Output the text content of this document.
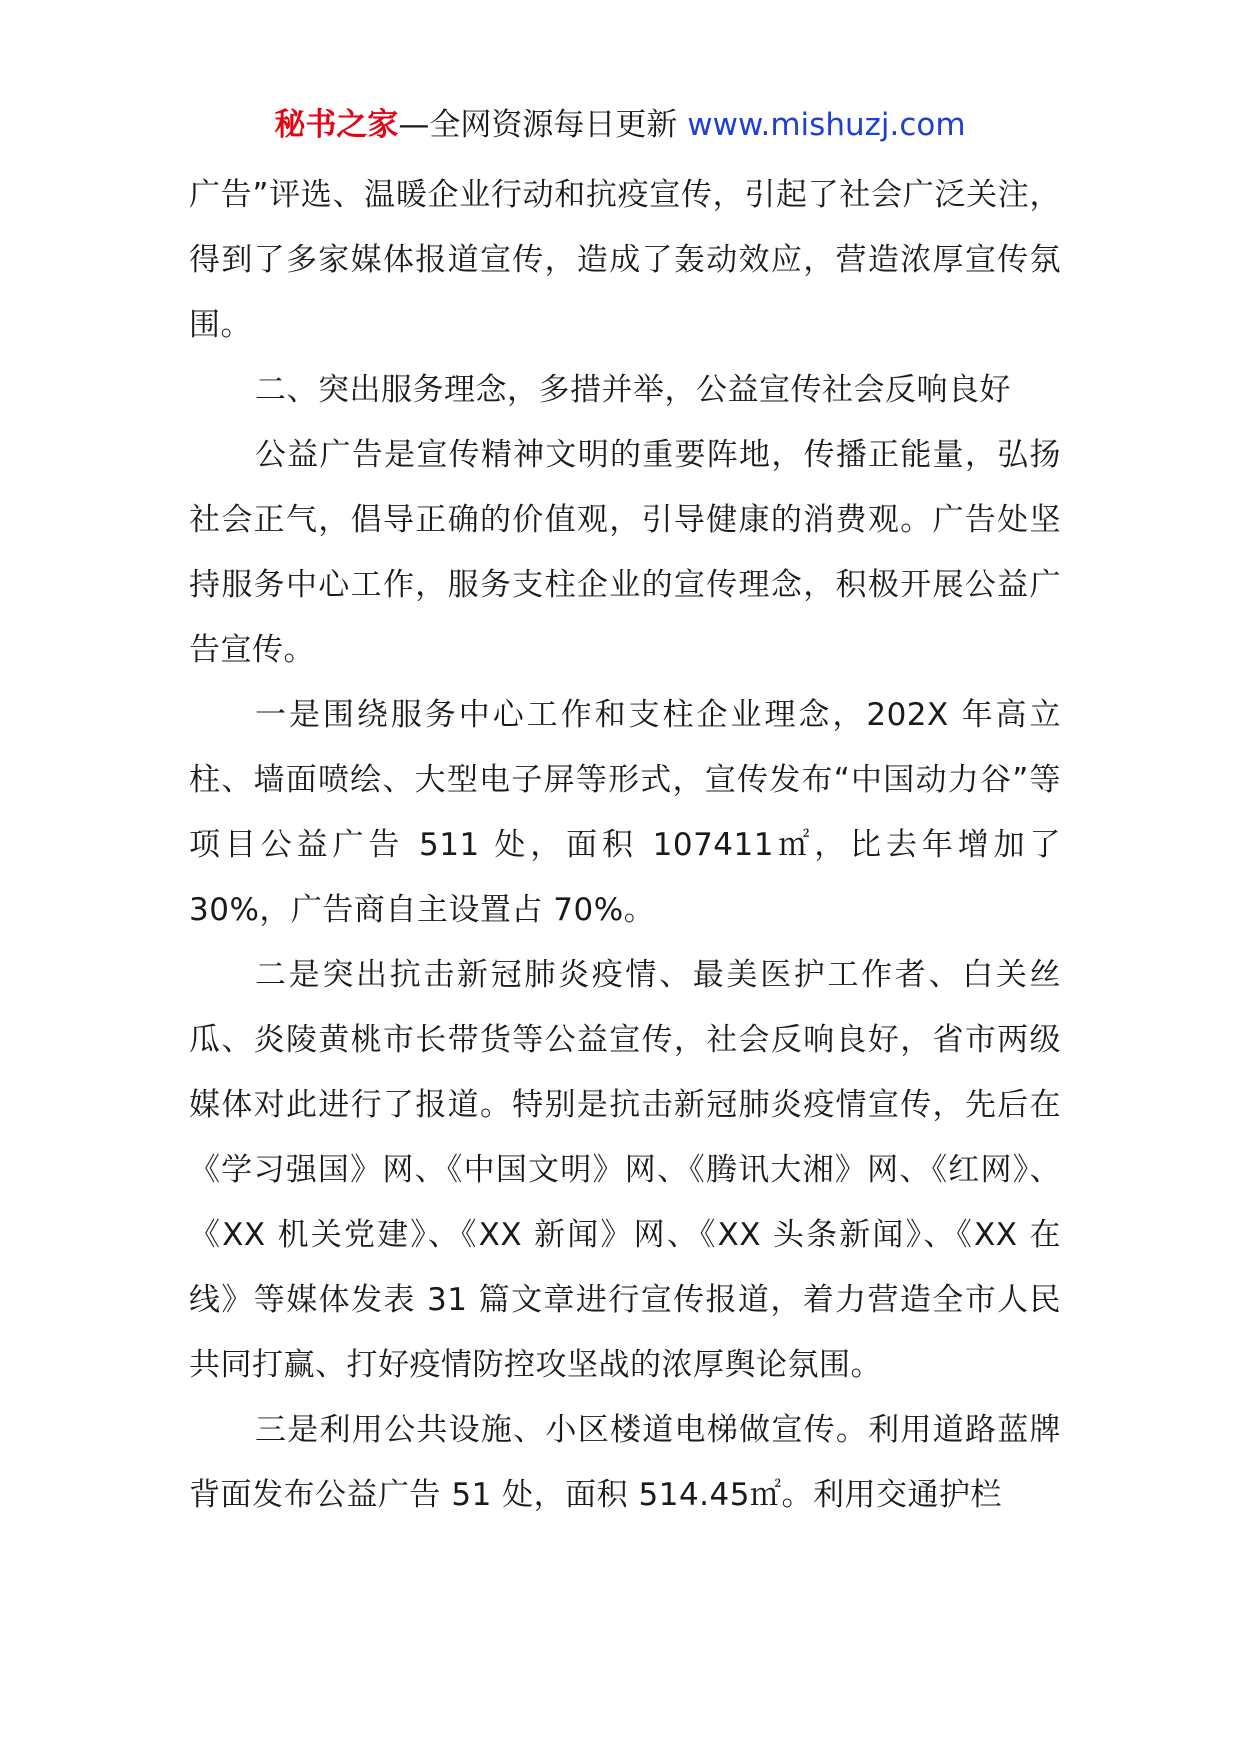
秘书之家—全网资源每日更新 www.mishuzj.com

广告”评选、温暖企业行动和抗疫宣传，引起了社会广泛关注，得到了多家媒体报道宣传，造成了轰动效应，营造浓厚宣传氛围。

二、突出服务理念，多措并举，公益宣传社会反响良好

公益广告是宣传精神文明的重要阵地，传播正能量，弘扬社会正气，倡导正确的价值观，引导健康的消费观。广告处坚持服务中心工作，服务支柱企业的宣传理念，积极开展公益广告宣传。

一是围绕服务中心工作和支柱企业理念，202X 年高立柱、墙面喷绘、大型电子屏等形式，宣传发布“中国动力谷”等项目公益广告 511 处，面积 107411㎡，比去年增加了 30%，广告商自主设置占 70%。

二是突出抗击新冠肺炎疫情、最美医护工作者、白关丝瓜、炎陵黄桃市长带货等公益宣传，社会反响良好，省市两级媒体对此进行了报道。特别是抗击新冠肺炎疫情宣传，先后在《学习强国》网、《中国文明》网、《腾讯大湘》网、《红网》、《XX 机关党建》、《XX 新闻》网、《XX 头条新闻》、《XX 在线》等媒体发表 31 篇文章进行宣传报道，着力营造全市人民共同打赢、打好疫情防控攻坚战的浓厚舆论氛围。

三是利用公共设施、小区楼道电梯做宣传。利用道路蓝牌背面发布公益广告 51 处，面积 514.45㎡。利用交通护栏
